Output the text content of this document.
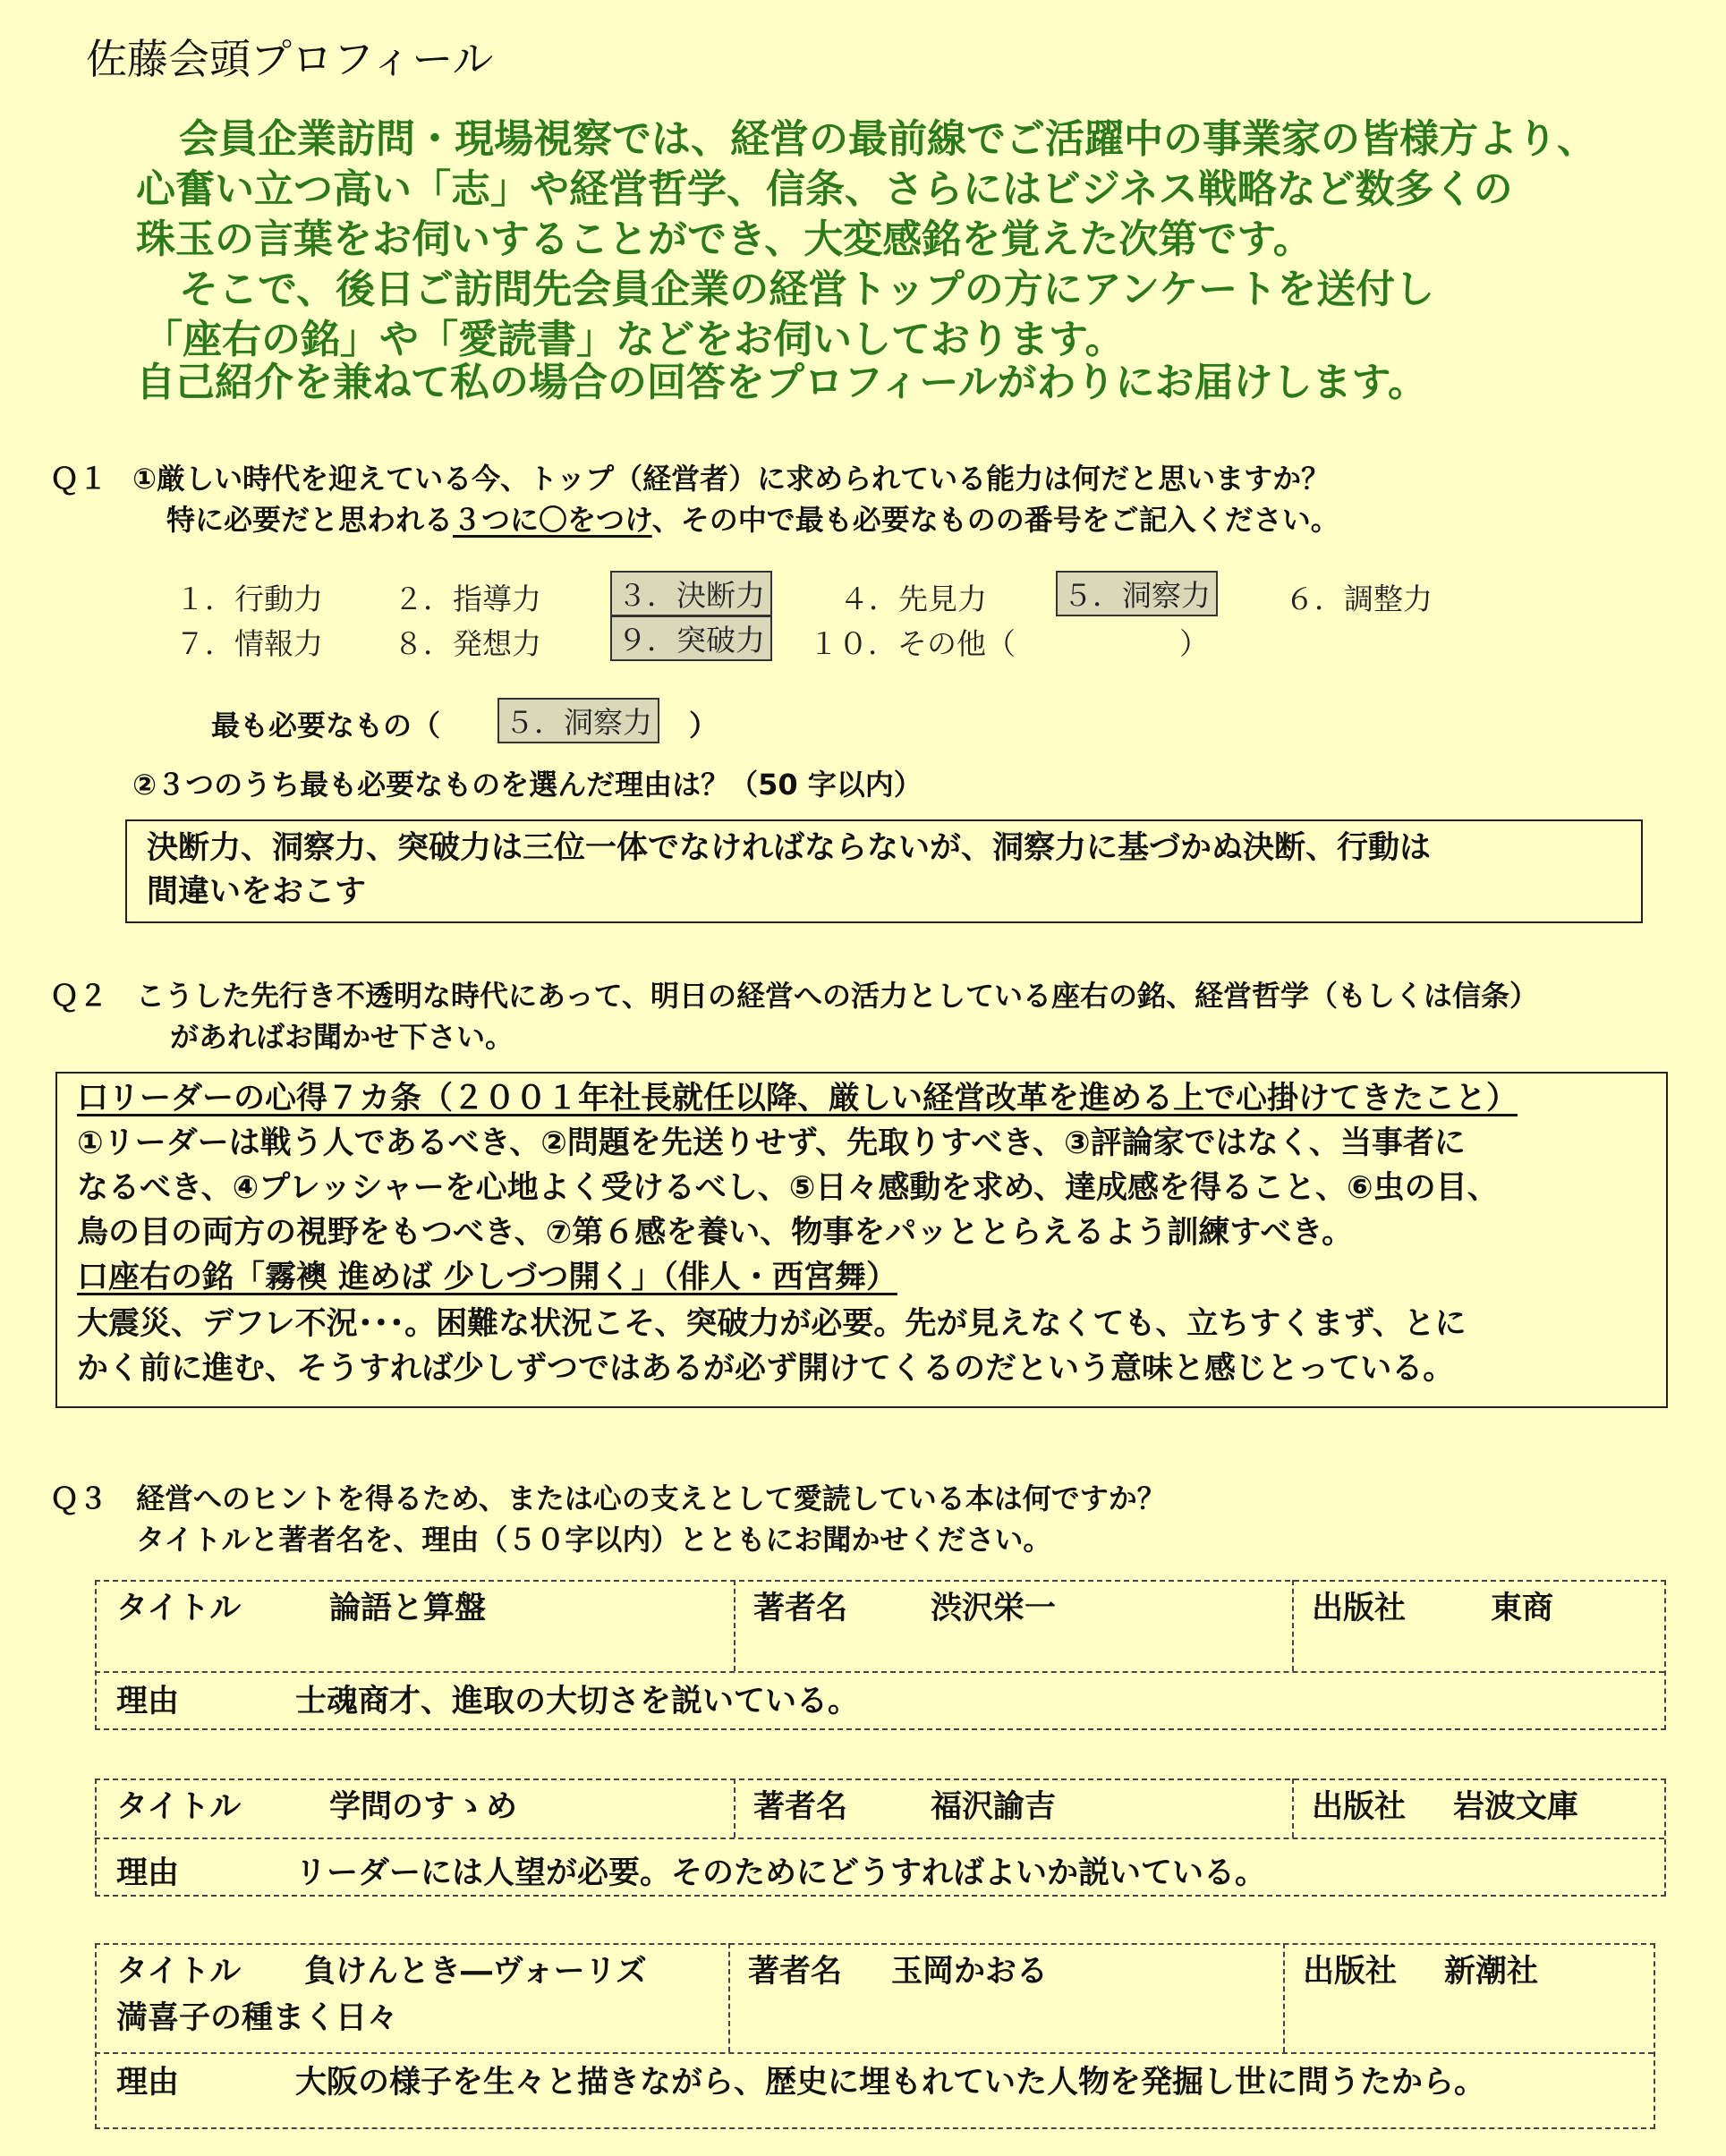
佐藤会頭プロフィール
会員企業訪問・現場視察では、経営の最前線でご活躍中の事業家の皆様方より、
心奮い立つ高い「志」や経営哲学、信条、さらにはビジネス戦略など数多くの
珠玉の言葉をお伺いすることができ、大変感銘を覚えた次第です。
そこで、後日ご訪問先会員企業の経営トップの方にアンケートを送付し
「座右の銘」や「愛読書」などをお伺いしております。
自己紹介を兼ねて私の場合の回答をプロフィールがわりにお届けします。
Ｑ１ ①厳しい時代を迎えている今、トップ（経営者）に求められている能力は何だと思いますか？
特に必要だと思われる３つに〇をつけ、その中で最も必要なものの番号をご記入ください。
１．行動力 ２．指導力	３．決断力	４．先見力	５．洞察力	６．調整力
７．情報力 ８．発想力	９．突破力 １０．その他（	）
最も必要なもの（ ５．洞察力 ）
②３つのうち最も必要なものを選んだ理由は？（50 字以内）
決断力、洞察力、突破力は三位一体でなければならないが、洞察力に基づかぬ決断、行動は
間違いをおこす
Ｑ２ こうした先行き不透明な時代にあって、明日の経営への活力としている座右の銘、経営哲学（もしくは信条）
があればお聞かせ下さい。
口リーダーの心得７カ条（２００１年社長就任以降、厳しい経営改革を進める上で心掛けてきたこと）
①リーダーは戦う人であるべき、②問題を先送りせず、先取りすべき、③評論家ではなく、当事者に
なるべき、④プレッシャーを心地よく受けるべし、⑤日々感動を求め、達成感を得ること、⑥虫の目、
鳥の目の両方の視野をもつべき、⑦第６感を養い、物事をパッととらえるよう訓練すべき。
口座右の銘「霧襖 進めば 少しづつ開く」（俳人・西宮舞）
大震災、デフレ不況･･･。困難な状況こそ、突破力が必要。先が見えなくても、立ちすくまず、とに
かく前に進む、そうすれば少しずつではあるが必ず開けてくるのだという意味と感じとっている。
Ｑ３ 経営へのヒントを得るため、または心の支えとして愛読している本は何ですか？
タイトルと著者名を、理由（５０字以内）とともにお聞かせください。
タイトル	論語と算盤	著者名	渋沢栄一	出版社	東商
理由	士魂商才、進取の大切さを説いている。
タイトル	学問のすゝめ	著者名	福沢諭吉	出版社 岩波文庫
理由	リーダーには人望が必要。そのためにどうすればよいか説いている。
タイトル 負けんとき―ヴォーリズ
満喜子の種まく日々
著者名 玉岡かおる	出版社 新潮社
理由	大阪の様子を生々と描きながら、歴史に埋もれていた人物を発掘し世に問うたから。
